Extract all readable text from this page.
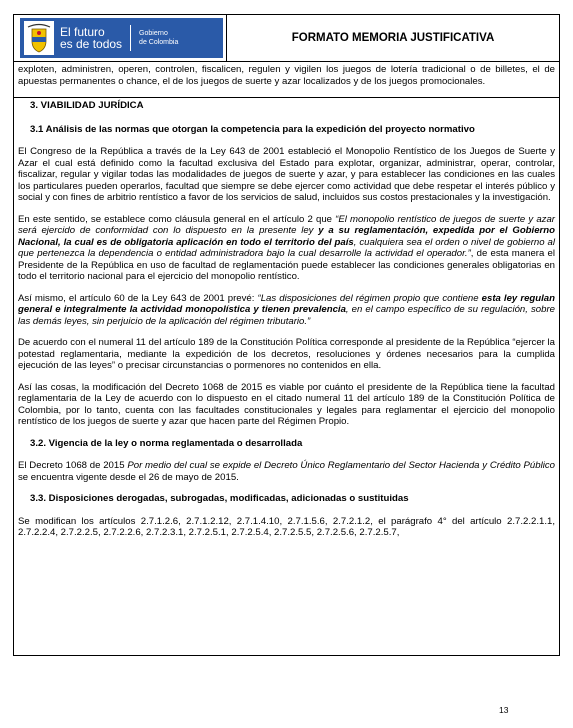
El futuro
es de todos
Gobierno
de Colombia	FORMATO MEMORIA JUSTIFICATIVA
exploten, administren, operen, controlen, fiscalicen, regulen y vigilen los juegos de lotería tradicional o de billetes, el de apuestas permanentes o chance, el de los juegos de suerte y azar localizados y de los juegos promocionales.
3. VIABILIDAD JURÍDICA
3.1 Análisis de las normas que otorgan la competencia para la expedición del proyecto normativo

El Congreso de la República a través de la Ley 643 de 2001 estableció el Monopolio Rentístico de los Juegos de Suerte y Azar el cual está definido como la facultad exclusiva del Estado para explotar, organizar, administrar, operar, controlar, fiscalizar, regular y vigilar todas las modalidades de juegos de suerte y azar, y para establecer las condiciones en las cuales los particulares pueden operarlos, facultad que siempre se debe ejercer como actividad que debe respetar el interés público y social y con fines de arbitrio rentístico a favor de los servicios de salud, incluidos sus costos prestacionales y la investigación.

En este sentido, se establece como cláusula general en el artículo 2 que “El monopolio rentístico de juegos de suerte y azar será ejercido de conformidad con lo dispuesto en la presente ley y a su reglamentación, expedida por el Gobierno Nacional, la cual es de obligatoria aplicación en todo el territorio del país, cualquiera sea el orden o nivel de gobierno al que pertenezca la dependencia o entidad administradora bajo la cual desarrolle la actividad el operador.”, de esta manera el Presidente de la República en uso de facultad de reglamentación puede establecer las condiciones generales obligatorias en todo el territorio nacional para el ejercicio del monopolio rentístico.

Así mismo, el artículo 60 de la Ley 643 de 2001 prevé: “Las disposiciones del régimen propio que contiene esta ley regulan general e integralmente la actividad monopolística y tienen prevalencia, en el campo específico de su regulación, sobre las demás leyes, sin perjuicio de la aplicación del régimen tributario.”

De acuerdo con el numeral 11 del artículo 189 de la Constitución Política corresponde al presidente de la República “ejercer la potestad reglamentaria, mediante la expedición de los decretos, resoluciones y órdenes necesarios para la cumplida ejecución de las leyes” o precisar circunstancias o pormenores no contenidos en ella.

Así las cosas, la modificación del Decreto 1068 de 2015 es viable por cuánto el presidente de la República tiene la facultad reglamentaria de la Ley de acuerdo con lo dispuesto en el citado numeral 11 del artículo 189 de la Constitución Política de Colombia, por lo tanto, cuenta con las facultades constitucionales y legales para reglamentar el ejercicio del monopolio rentístico de los juegos de suerte y azar que hacen parte del Régimen Propio.

3.2. Vigencia de la ley o norma reglamentada o desarrollada

El Decreto 1068 de 2015 Por medio del cual se expide el Decreto Único Reglamentario del Sector Hacienda y Crédito Público se encuentra vigente desde el 26 de mayo de 2015.

3.3. Disposiciones derogadas, subrogadas, modificadas, adicionadas o sustituidas

Se modifican los artículos 2.7.1.2.6, 2.7.1.2.12, 2.7.1.4.10, 2.7.1.5.6, 2.7.2.1.2, el parágrafo 4° del artículo 2.7.2.2.1.1, 2.7.2.2.4, 2.7.2.2.5, 2.7.2.2.6, 2.7.2.3.1, 2.7.2.5.1, 2.7.2.5.4, 2.7.2.5.5, 2.7.2.5.6, 2.7.2.5.7,

13
